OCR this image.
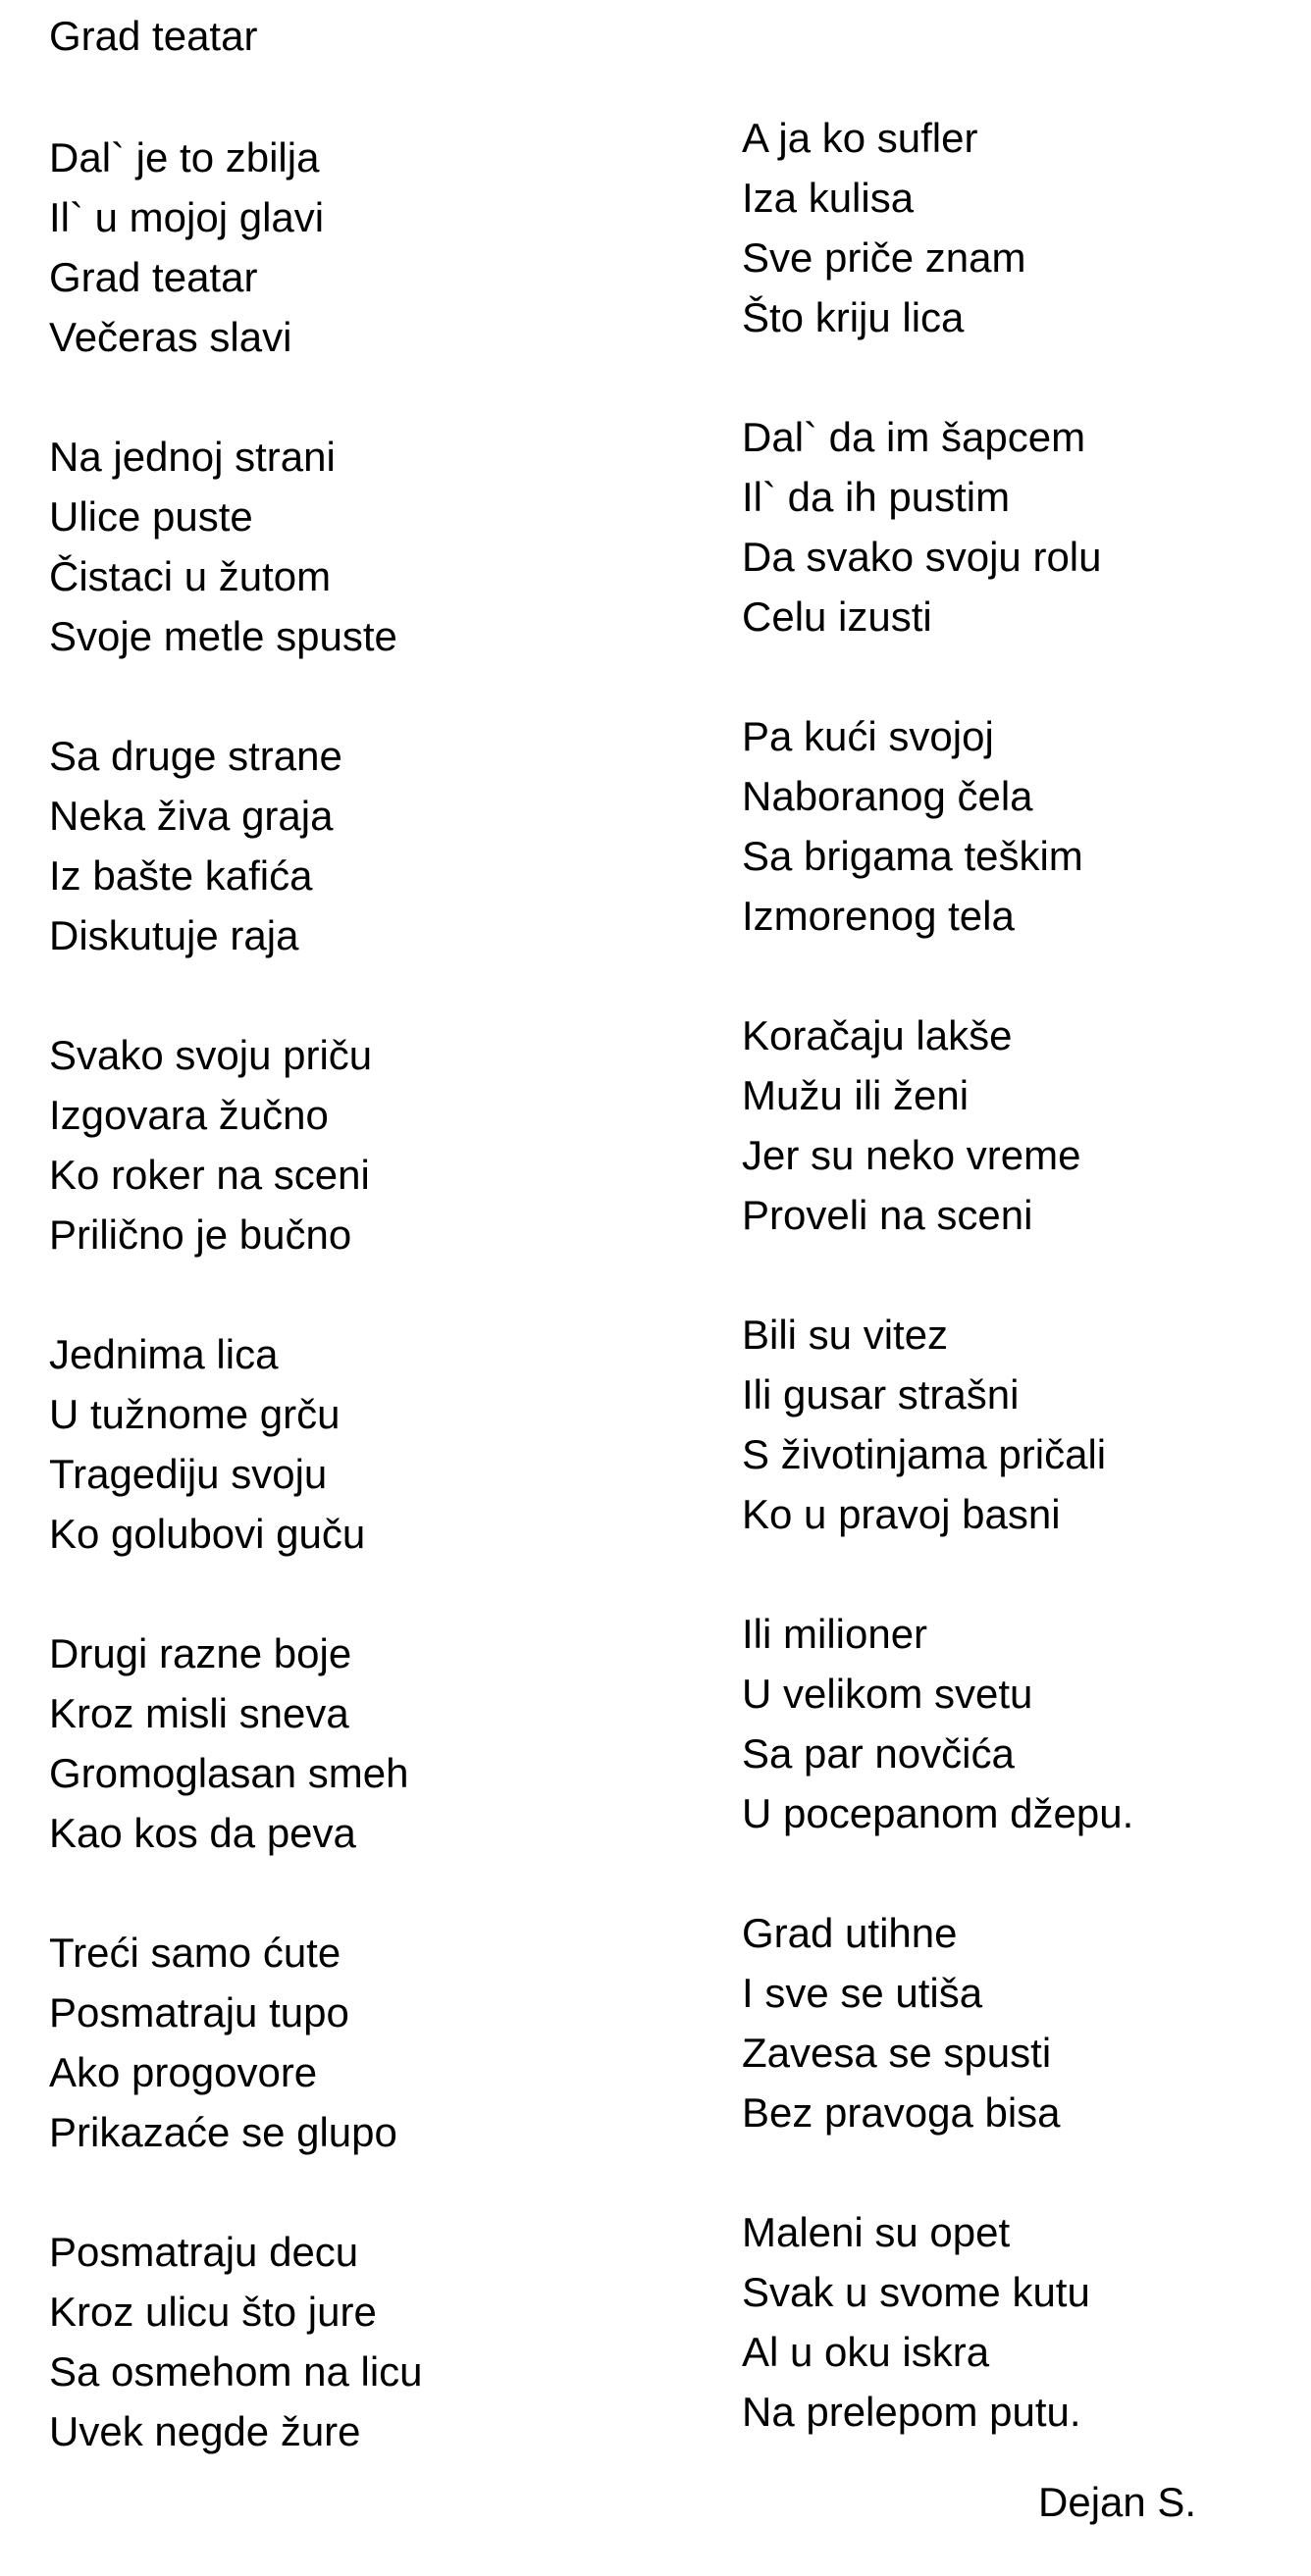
Grad teatar
Dal` je to zbilja
Il` u mojoj glavi
Grad teatar
Večeras slavi
Na jednoj strani
Ulice puste
Čistaci u žutom
Svoje metle spuste
Sa druge strane
Neka živa graja
Iz bašte kafića
Diskutuje raja
Svako svoju priču
Izgovara žučno
Ko roker na sceni
Prilično je bučno
Jednima lica
U tužnome grču
Tragediju svoju
Ko golubovi guču
Drugi razne boje
Kroz misli sneva
Gromoglasan smeh
Kao kos da peva
Treći samo ćute
Posmatraju tupo
Ako progovore
Prikazaće se glupo
Posmatraju decu
Kroz ulicu što jure
Sa osmehom na licu
Uvek negde žure
A ja ko sufler
Iza kulisa
Sve priče znam
Što kriju lica
Dal` da im šapcem
Il` da ih pustim
Da svako svoju rolu
Celu izusti
Pa kući svojoj
Naboranog čela
Sa brigama teškim
Izmorenog tela
Koračaju lakše
Mužu ili ženi
Jer su neko vreme
Proveli na sceni
Bili su vitez
Ili gusar strašni
S životinjama pričali
Ko u pravoj basni
Ili milioner
U velikom svetu
Sa par novčića
U pocepanom džepu.
Grad utihne
I sve se utiša
Zavesa se spusti
Bez pravoga bisa
Maleni su opet
Svak u svome kutu
Al u oku iskra
Na prelepom putu.
Dejan S.
